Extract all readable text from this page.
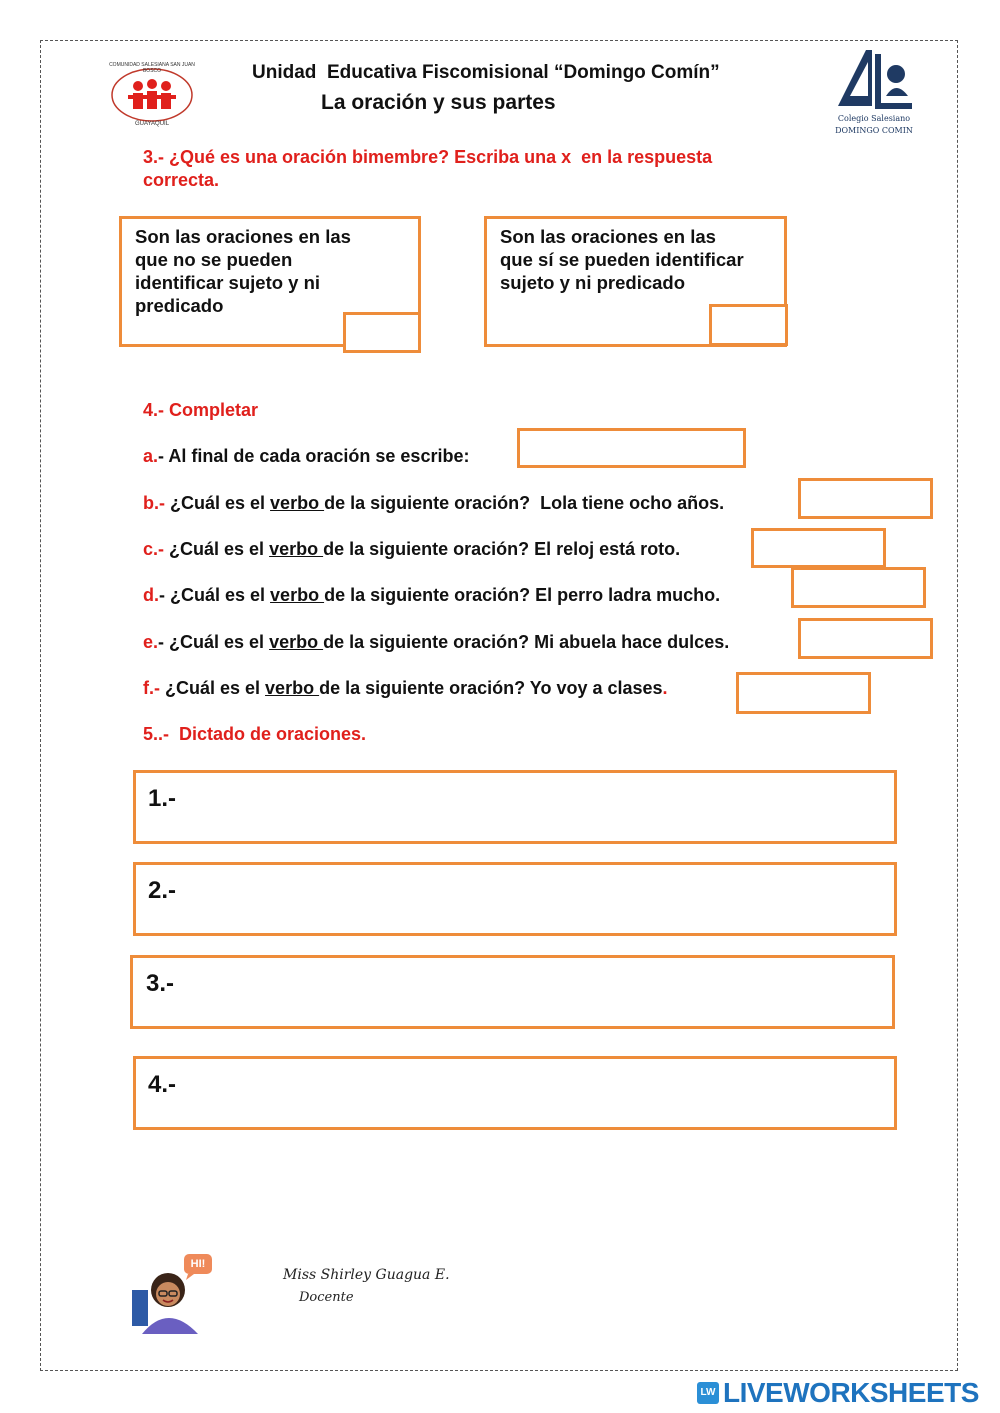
COMUNIDAD SALESIANA SAN JUAN BOSCO
GUAYAQUIL
Unidad  Educativa Fiscomisional “Domingo Comín”
La oración y sus partes
Colegio Salesiano
DOMINGO COMIN
3.- ¿Qué es una oración bimembre? Escriba una x  en la respuesta
correcta.
Son las oraciones en las
que no se pueden
identificar sujeto y ni
predicado
Son las oraciones en las
que sí se pueden identificar
sujeto y ni predicado
4.- Completar
a.- Al final de cada oración se escribe:
b.- ¿Cuál es el verbo de la siguiente oración?  Lola tiene ocho años.
c.- ¿Cuál es el verbo de la siguiente oración? El reloj está roto.
d.- ¿Cuál es el verbo de la siguiente oración? El perro ladra mucho.
e.- ¿Cuál es el verbo de la siguiente oración? Mi abuela hace dulces.
f.- ¿Cuál es el verbo de la siguiente oración? Yo voy a clases.
5..-  Dictado de oraciones.
1.-
2.-
3.-
4.-
HI!
Miss Shirley Guagua E.
Docente
LW LIVEWORKSHEETS
